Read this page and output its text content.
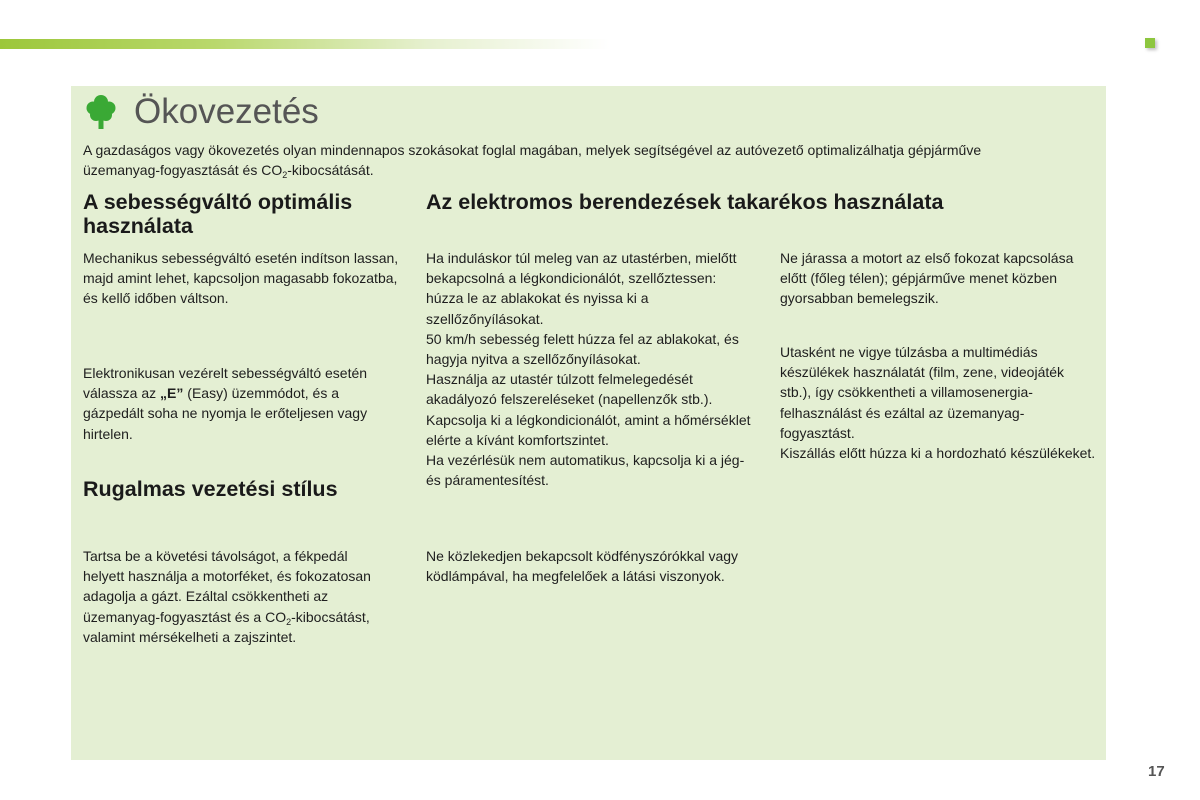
Ökovezetés
A gazdaságos vagy ökovezetés olyan mindennapos szokásokat foglal magában, melyek segítségével az autóvezető optimalizálhatja gépjárműve
üzemanyag-fogyasztását és $CO_2$-kibocsátását.
A sebességváltó optimális használata
Mechanikus sebességváltó esetén indítson lassan, majd amint lehet, kapcsoljon magasabb fokozatba, és kellő időben váltson.
Elektronikusan vezérelt sebességváltó esetén válassza az „E” (Easy) üzemmódot, és a gázpedált soha ne nyomja le erőteljesen vagy hirtelen.
Rugalmas vezetési stílus
Tartsa be a követési távolságot, a fékpedál helyett használja a motorféket, és fokozatosan adagolja a gázt. Ezáltal csökkentheti az üzemanyag-fogyasztást és a $CO_2$-kibocsátást, valamint mérsékelheti a zajszintet.
Az elektromos berendezések takarékos használata
Ha induláskor túl meleg van az utastérben, mielőtt bekapcsolná a légkondicionálót, szellőztessen: húzza le az ablakokat és nyissa ki a szellőzőnyílásokat.
50 km/h sebesség felett húzza fel az ablakokat, és hagyja nyitva a szellőzőnyílásokat.
Használja az utastér túlzott felmelegedését akadályozó felszereléseket (napellenzők stb.).
Kapcsolja ki a légkondicionálót, amint a hőmérséklet elérte a kívánt komfortszintet.
Ha vezérlésük nem automatikus, kapcsolja ki a jég- és páramentesítést.
Ne közlekedjen bekapcsolt ködfényszórókkal vagy ködlámpával, ha megfelelőek a látási viszonyok.
Ne járassa a motort az első fokozat kapcsolása előtt (főleg télen); gépjárműve menet közben gyorsabban bemelegszik.
Utasként ne vigye túlzásba a multimédiás készülékek használatát (film, zene, videojáték stb.), így csökkentheti a villamosenergia-felhasználást és ezáltal az üzemanyag-fogyasztást.
Kiszállás előtt húzza ki a hordozható készülékeket.
17
